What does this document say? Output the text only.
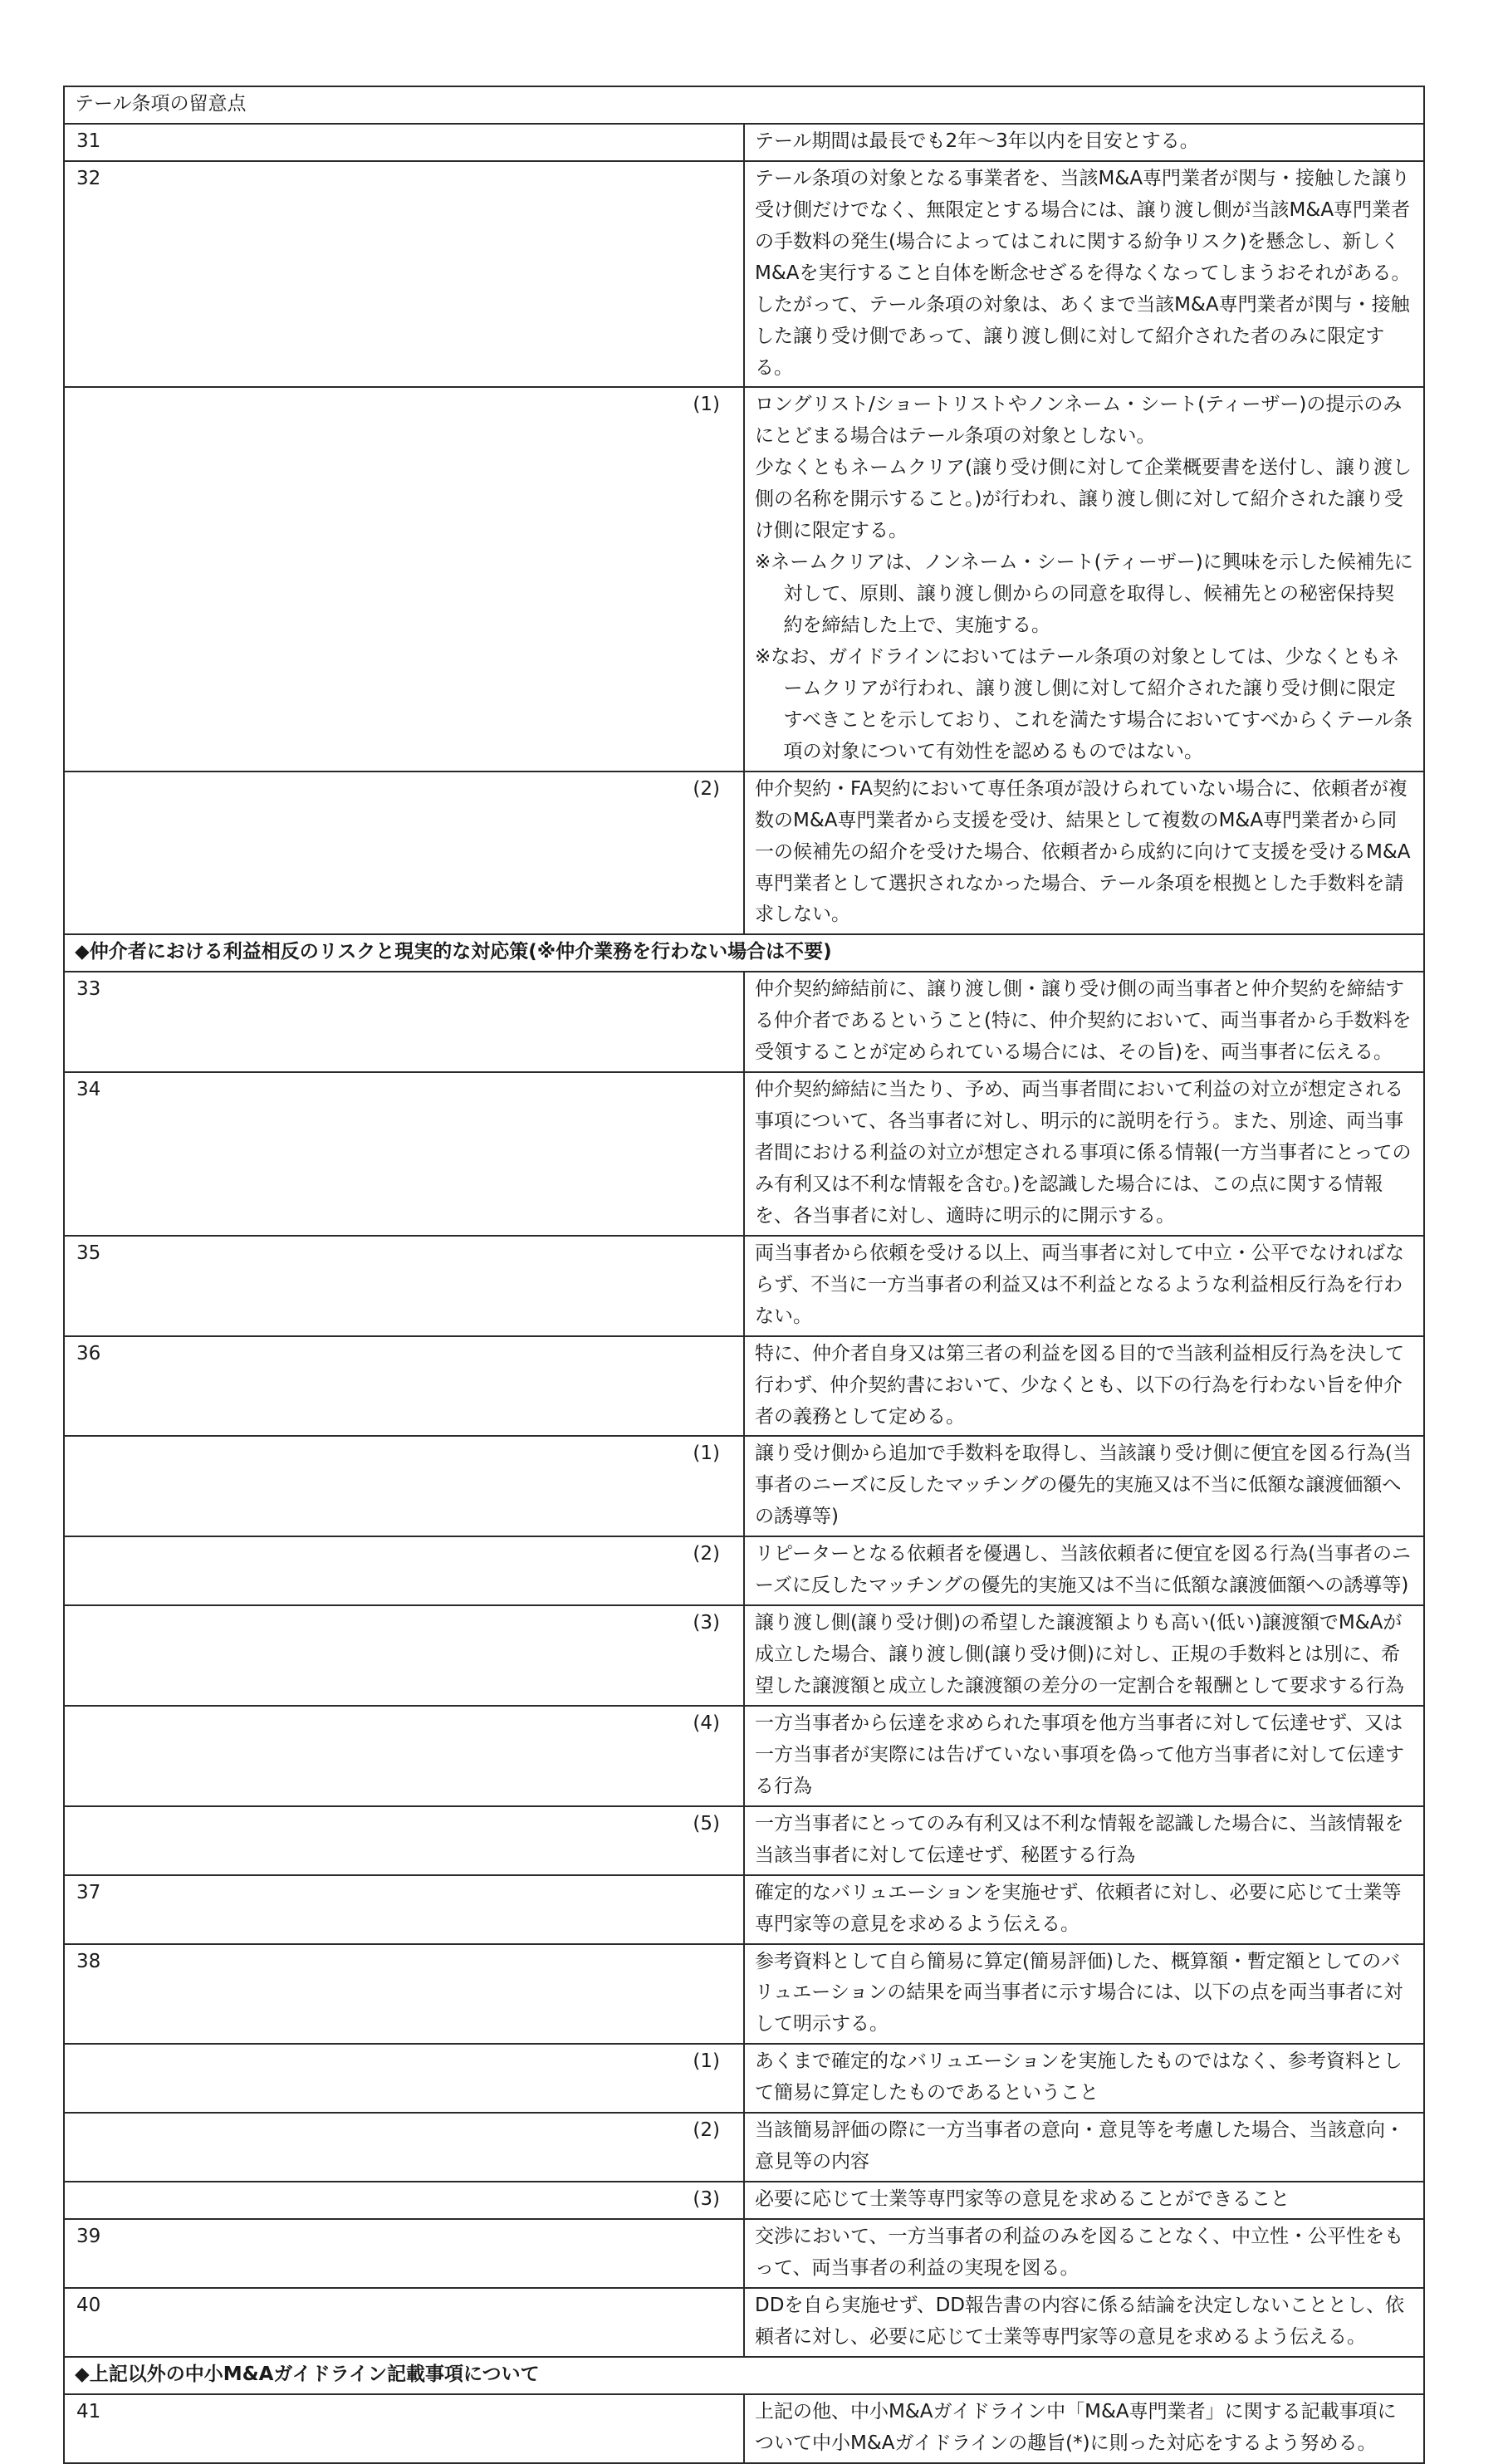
テール条項の留意点	
31	テール期間は最長でも2年〜3年以内を目安とする。

32	テール条項の対象となる事業者を、当該M&A専門業者が関与・接触した譲り受け側だけでなく、無限定とする場合には、譲り渡し側が当該M&A専門業者の手数料の発生(場合によってはこれに関する紛争リスク)を懸念し、新しくM&Aを実行すること自体を断念せざるを得なくなってしまうおそれがある。したがって、テール条項の対象は、あくまで当該M&A専門業者が関与・接触した譲り受け側であって、譲り渡し側に対して紹介された者のみに限定する。

(1)	ロングリスト/ショートリストやノンネーム・シート(ティーザー)の提示のみにとどまる場合はテール条項の対象としない。
少なくともネームクリア(譲り受け側に対して企業概要書を送付し、譲り渡し側の名称を開示すること。)が行われ、譲り渡し側に対して紹介された譲り受け側に限定する。
※ネームクリアは、ノンネーム・シート(ティーザー)に興味を示した候補先に対して、原則、譲り渡し側からの同意を取得し、候補先との秘密保持契約を締結した上で、実施する。
※なお、ガイドラインにおいてはテール条項の対象としては、少なくともネームクリアが行われ、譲り渡し側に対して紹介された譲り受け側に限定すべきことを示しており、これを満たす場合においてすべからくテール条項の対象について有効性を認めるものではない。

(2)	仲介契約・FA契約において専任条項が設けられていない場合に、依頼者が複数のM&A専門業者から支援を受け、結果として複数のM&A専門業者から同一の候補先の紹介を受けた場合、依頼者から成約に向けて支援を受けるM&A専門業者として選択されなかった場合、テール条項を根拠とした手数料を請求しない。

◆仲介者における利益相反のリスクと現実的な対応策(※仲介業務を行わない場合は不要)	
33	仲介契約締結前に、譲り渡し側・譲り受け側の両当事者と仲介契約を締結する仲介者であるということ(特に、仲介契約において、両当事者から手数料を受領することが定められている場合には、その旨)を、両当事者に伝える。

34	仲介契約締結に当たり、予め、両当事者間において利益の対立が想定される事項について、各当事者に対し、明示的に説明を行う。また、別途、両当事者間における利益の対立が想定される事項に係る情報(一方当事者にとってのみ有利又は不利な情報を含む。)を認識した場合には、この点に関する情報を、各当事者に対し、適時に明示的に開示する。

35	両当事者から依頼を受ける以上、両当事者に対して中立・公平でなければならず、不当に一方当事者の利益又は不利益となるような利益相反行為を行わない。

36	特に、仲介者自身又は第三者の利益を図る目的で当該利益相反行為を決して行わず、仲介契約書において、少なくとも、以下の行為を行わない旨を仲介者の義務として定める。

(1)	譲り受け側から追加で手数料を取得し、当該譲り受け側に便宜を図る行為(当事者のニーズに反したマッチングの優先的実施又は不当に低額な譲渡価額への誘導等)

(2)	リピーターとなる依頼者を優遇し、当該依頼者に便宜を図る行為(当事者のニーズに反したマッチングの優先的実施又は不当に低額な譲渡価額への誘導等)

(3)	譲り渡し側(譲り受け側)の希望した譲渡額よりも高い(低い)譲渡額でM&Aが成立した場合、譲り渡し側(譲り受け側)に対し、正規の手数料とは別に、希望した譲渡額と成立した譲渡額の差分の一定割合を報酬として要求する行為

(4)	一方当事者から伝達を求められた事項を他方当事者に対して伝達せず、又は一方当事者が実際には告げていない事項を偽って他方当事者に対して伝達する行為

(5)	一方当事者にとってのみ有利又は不利な情報を認識した場合に、当該情報を当該当事者に対して伝達せず、秘匿する行為

37	確定的なバリュエーションを実施せず、依頼者に対し、必要に応じて士業等専門家等の意見を求めるよう伝える。

38	参考資料として自ら簡易に算定(簡易評価)した、概算額・暫定額としてのバリュエーションの結果を両当事者に示す場合には、以下の点を両当事者に対して明示する。

(1)	あくまで確定的なバリュエーションを実施したものではなく、参考資料として簡易に算定したものであるということ

(2)	当該簡易評価の際に一方当事者の意向・意見等を考慮した場合、当該意向・意見等の内容

(3)	必要に応じて士業等専門家等の意見を求めることができること

39	交渉において、一方当事者の利益のみを図ることなく、中立性・公平性をもって、両当事者の利益の実現を図る。

40	DDを自ら実施せず、DD報告書の内容に係る結論を決定しないこととし、依頼者に対し、必要に応じて士業等専門家等の意見を求めるよう伝える。

◆上記以外の中小M&Aガイドライン記載事項について	
41	上記の他、中小M&Aガイドライン中「M&A専門業者」に関する記載事項について中小M&Aガイドラインの趣旨(*)に則った対応をするよう努める。
